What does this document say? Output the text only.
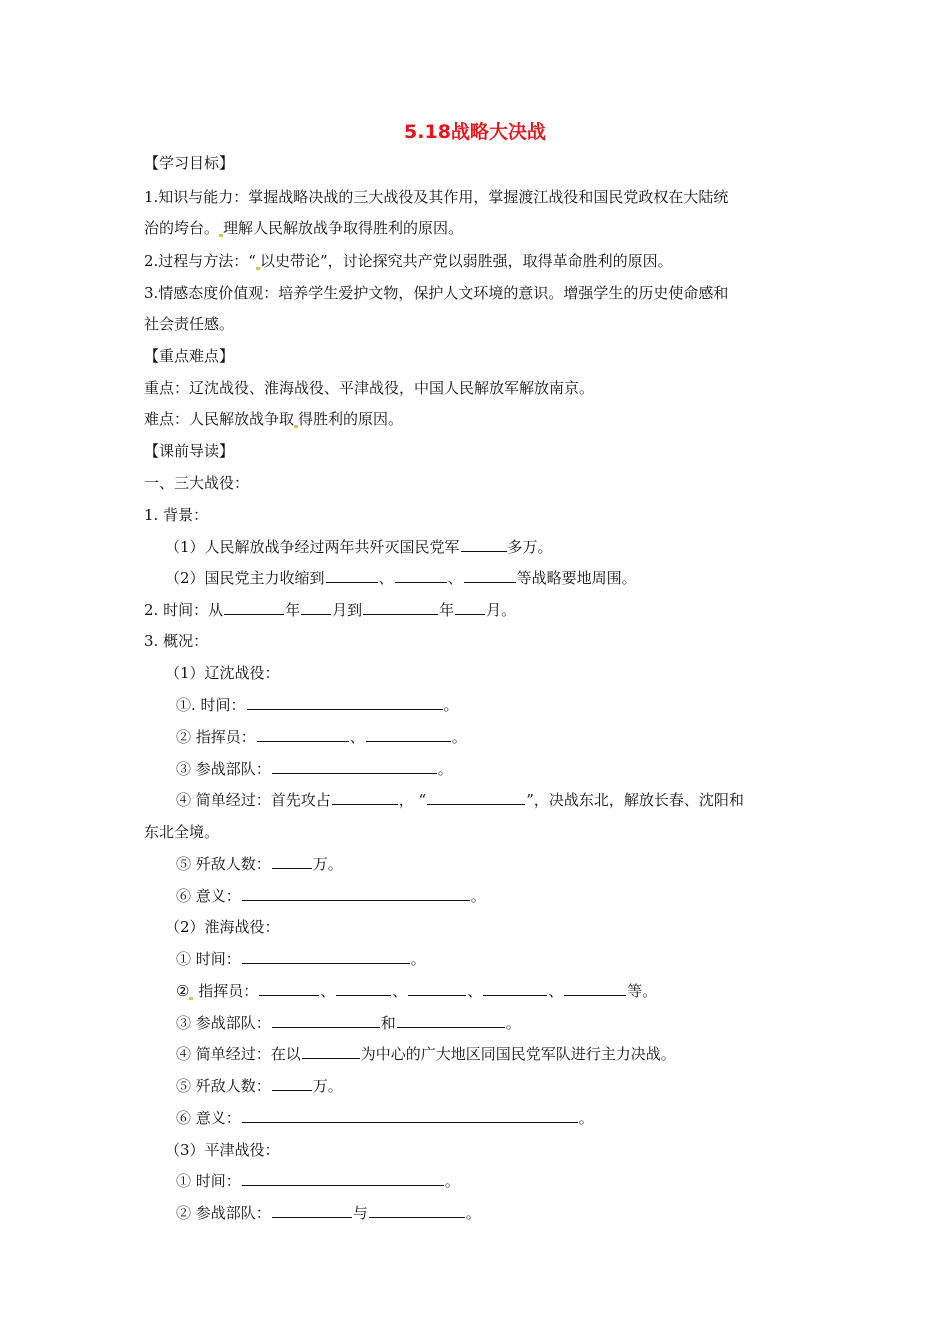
5.18战略大决战
【学习目标】
1.知识与能力：掌握战略决战的三大战役及其作用，掌握渡江战役和国民党政权在大陆统
治的垮台。 理解人民解放战争取得胜利的原因。
2.过程与方法：“ 以史带论”，讨论探究共产党以弱胜强，取得革命胜利的原因。
3.情感态度价值观：培养学生爱护文物，保护人文环境的意识。增强学生的历史使命感和
社会责任感。
【重点难点】
重点：辽沈战役、淮海战役、平津战役，中国人民解放军解放南京。
难点：人民解放战争取 得胜利的原因。
【课前导读】
一、三大战役：
1. 背景：
（1）人民解放战争经过两年共歼灭国民党军	多万。
（2）国民党主力收缩到	、	、	等战略要地周围。
2. 时间：从	年 月到	年 月。
3. 概况：
（1）辽沈战役：
①. 时间：	。
② 指挥员：	、	。
③ 参战部队：	。
④ 简单经过：首先攻占	， “	”，决战东北，解放长春、沈阳和
东北全境。
⑤ 歼敌人数：	万。
⑥ 意义：	。
（2）淮海战役：
① 时间：	。
② 指挥员：	、	、	、	、	等。
③ 参战部队：	和	。
④ 简单经过：在以	为中心的广大地区同国民党军队进行主力决战。
⑤ 歼敌人数：	万。
⑥ 意义：	。
（3）平津战役：
① 时间：	。
② 参战部队：	与	。
